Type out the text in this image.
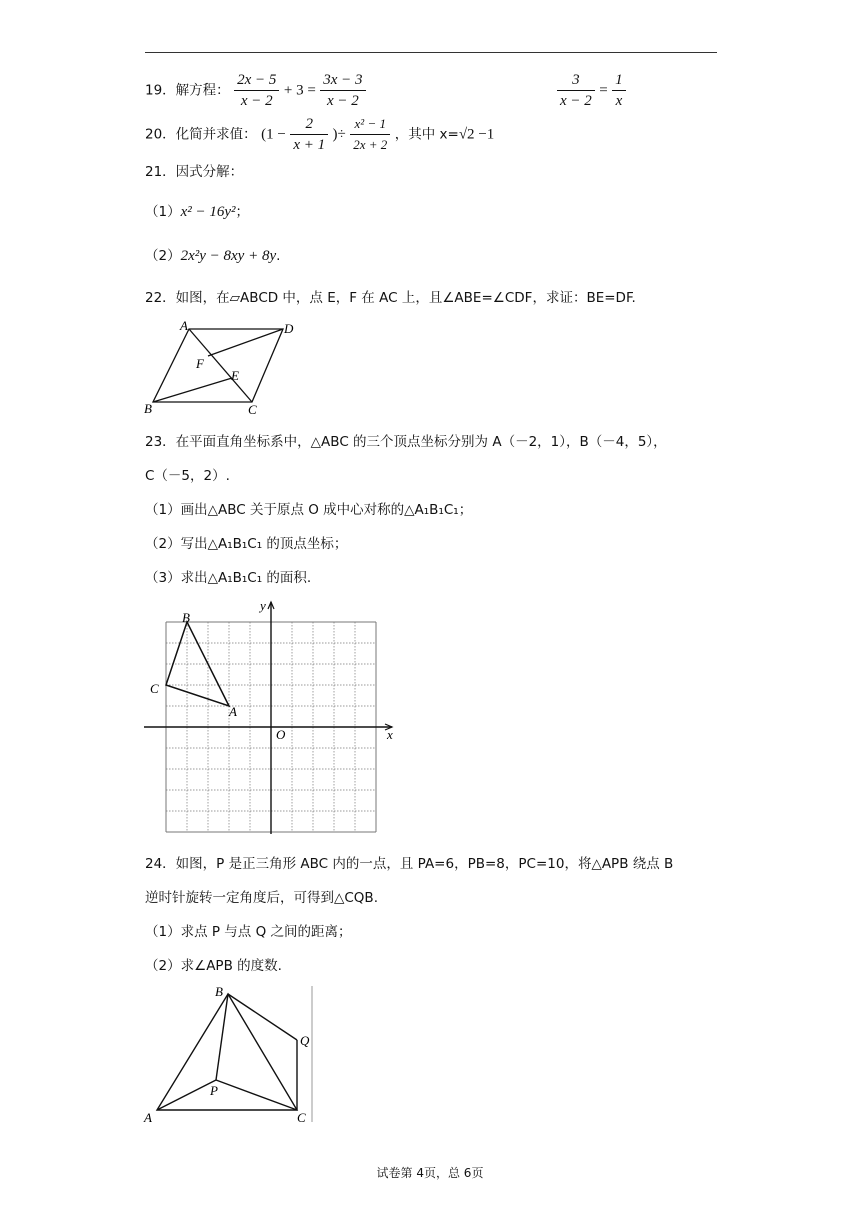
19．解方程： $\frac{2x - 5}{x - 2} + 3 = \frac{3x - 3}{x - 2}$	$\frac{3}{x - 2} = \frac{1}{x}$
20．化简并求值： ($1 - \frac{2}{x + 1}$ )÷ $\frac{\text{x² − 1}}{2x + 2}$ ，其中 x=√2 −1
21．因式分解：
（1）x² − 16y²；
（2）2x²y − 8xy + 8y.
22．如图，在▱ABCD 中，点 E，F 在 AC 上，且∠ABE=∠CDF，求证：BE=DF.
A	D
B	C
F
E
23．在平面直角坐标系中，△ABC 的三个顶点坐标分别为 A（－2，1），B（－4，5），
C（－5，2）.
（1）画出△ABC 关于原点 O 成中心对称的△A₁B₁C₁；
（2）写出△A₁B₁C₁ 的顶点坐标；
（3）求出△A₁B₁C₁ 的面积.
B
C
A
O	x
y
24．如图，P 是正三角形 ABC 内的一点，且 PA=6，PB=8，PC=10，将△APB 绕点 B
逆时针旋转一定角度后，可得到△CQB.
（1）求点 P 与点 Q 之间的距离；
（2）求∠APB 的度数.
B
A	C
P
Q
试卷第 4页，总 6页
